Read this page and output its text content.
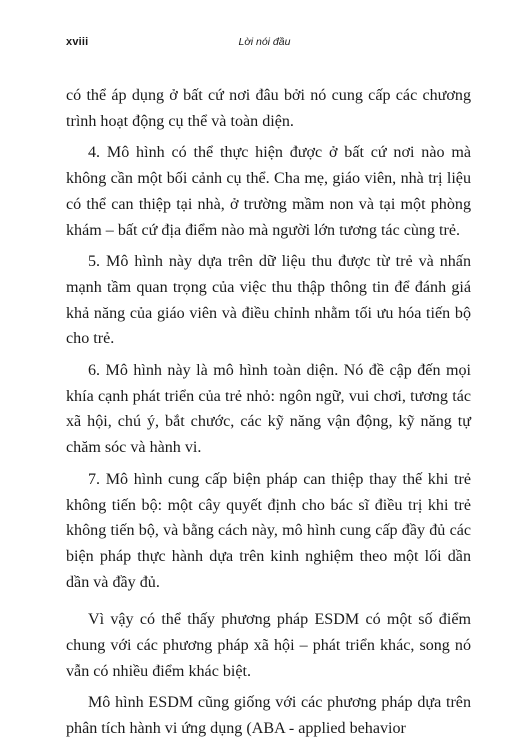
xviii	Lời nói đầu

có thể áp dụng ở bất cứ nơi đâu bởi nó cung cấp các chương trình hoạt động cụ thể và toàn diện.

4. Mô hình có thể thực hiện được ở bất cứ nơi nào mà không cần một bối cảnh cụ thể. Cha mẹ, giáo viên, nhà trị liệu có thể can thiệp tại nhà, ở trường mầm non và tại một phòng khám – bất cứ địa điểm nào mà người lớn tương tác cùng trẻ.

5. Mô hình này dựa trên dữ liệu thu được từ trẻ và nhấn mạnh tầm quan trọng của việc thu thập thông tin để đánh giá khả năng của giáo viên và điều chỉnh nhằm tối ưu hóa tiến bộ cho trẻ.

6. Mô hình này là mô hình toàn diện. Nó đề cập đến mọi khía cạnh phát triển của trẻ nhỏ: ngôn ngữ, vui chơi, tương tác xã hội, chú ý, bắt chước, các kỹ năng vận động, kỹ năng tự chăm sóc và hành vi.

7. Mô hình cung cấp biện pháp can thiệp thay thế khi trẻ không tiến bộ: một cây quyết định cho bác sĩ điều trị khi trẻ không tiến bộ, và bằng cách này, mô hình cung cấp đầy đủ các biện pháp thực hành dựa trên kinh nghiệm theo một lối dần dần và đầy đủ.

Vì vậy có thể thấy phương pháp ESDM có một số điểm chung với các phương pháp xã hội – phát triển khác, song nó vẫn có nhiều điểm khác biệt.

Mô hình ESDM cũng giống với các phương pháp dựa trên phân tích hành vi ứng dụng (ABA - applied behavior
